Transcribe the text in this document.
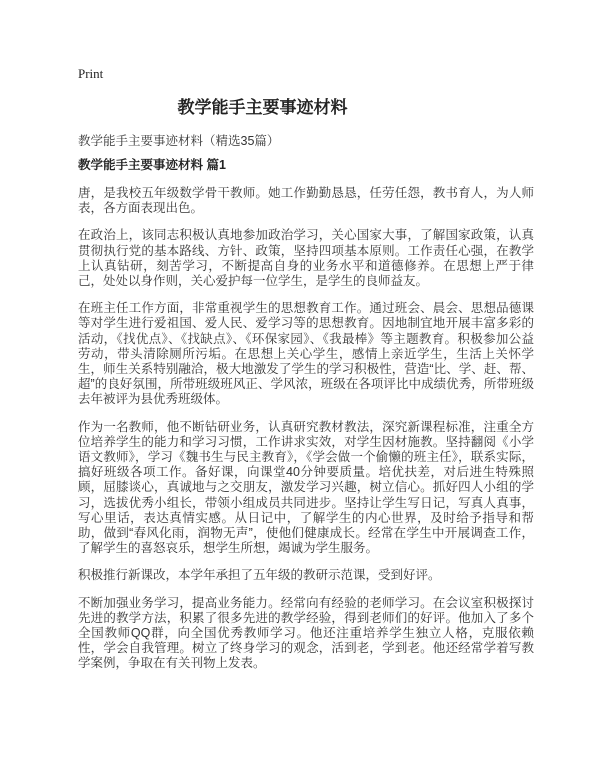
Print
教学能手主要事迹材料
教学能手主要事迹材料（精选35篇）
教学能手主要事迹材料 篇1

唐，是我校五年级数学骨干教师。她工作勤勤恳恳，任劳任怨，教书育人，为人师表，各方面表现出色。

在政治上，该同志积极认真地参加政治学习，关心国家大事，了解国家政策，认真贯彻执行党的基本路线、方针、政策，坚持四项基本原则。工作责任心强，在教学上认真钻研，刻苦学习，不断提高自身的业务水平和道德修养。在思想上严于律己，处处以身作则，关心爱护每一位学生，是学生的良师益友。

在班主任工作方面，非常重视学生的思想教育工作。通过班会、晨会、思想品德课等对学生进行爱祖国、爱人民、爱学习等的思想教育。因地制宜地开展丰富多彩的活动，《找优点》、《找缺点》、《环保家园》、《我最棒》等主题教育。积极参加公益劳动，带头清除厕所污垢。在思想上关心学生，感情上亲近学生，生活上关怀学生，师生关系特别融洽，极大地激发了学生的学习积极性，营造“比、学、赶、帮、超”的良好氛围，所带班级班风正、学风浓，班级在各项评比中成绩优秀，所带班级去年被评为县优秀班级体。

作为一名教师，他不断钻研业务，认真研究教材教法，深究新课程标准，注重全方位培养学生的能力和学习习惯，工作讲求实效，对学生因材施教。坚持翻阅《小学语文教师》，学习《魏书生与民主教育》，《学会做一个偷懒的班主任》，联系实际，搞好班级各项工作。备好课，向课堂40分钟要质量。培优扶差，对后进生特殊照顾，屈膝谈心，真诚地与之交朋友，激发学习兴趣，树立信心。抓好四人小组的学习，选拔优秀小组长，带领小组成员共同进步。坚持让学生写日记，写真人真事，写心里话，表达真情实感。从日记中，了解学生的内心世界，及时给予指导和帮助，做到“春风化雨，润物无声”，使他们健康成长。经常在学生中开展调查工作，了解学生的喜怒哀乐，想学生所想，竭诚为学生服务。

积极推行新课改，本学年承担了五年级的教研示范课，受到好评。

不断加强业务学习，提高业务能力。经常向有经验的老师学习。在会议室积极探讨先进的教学方法，积累了很多先进的教学经验，得到老师们的好评。他加入了多个全国教师QQ群，向全国优秀教师学习。他还注重培养学生独立人格，克服依赖性，学会自我管理。树立了终身学习的观念，活到老，学到老。他还经常学着写教学案例，争取在有关刊物上发表。
